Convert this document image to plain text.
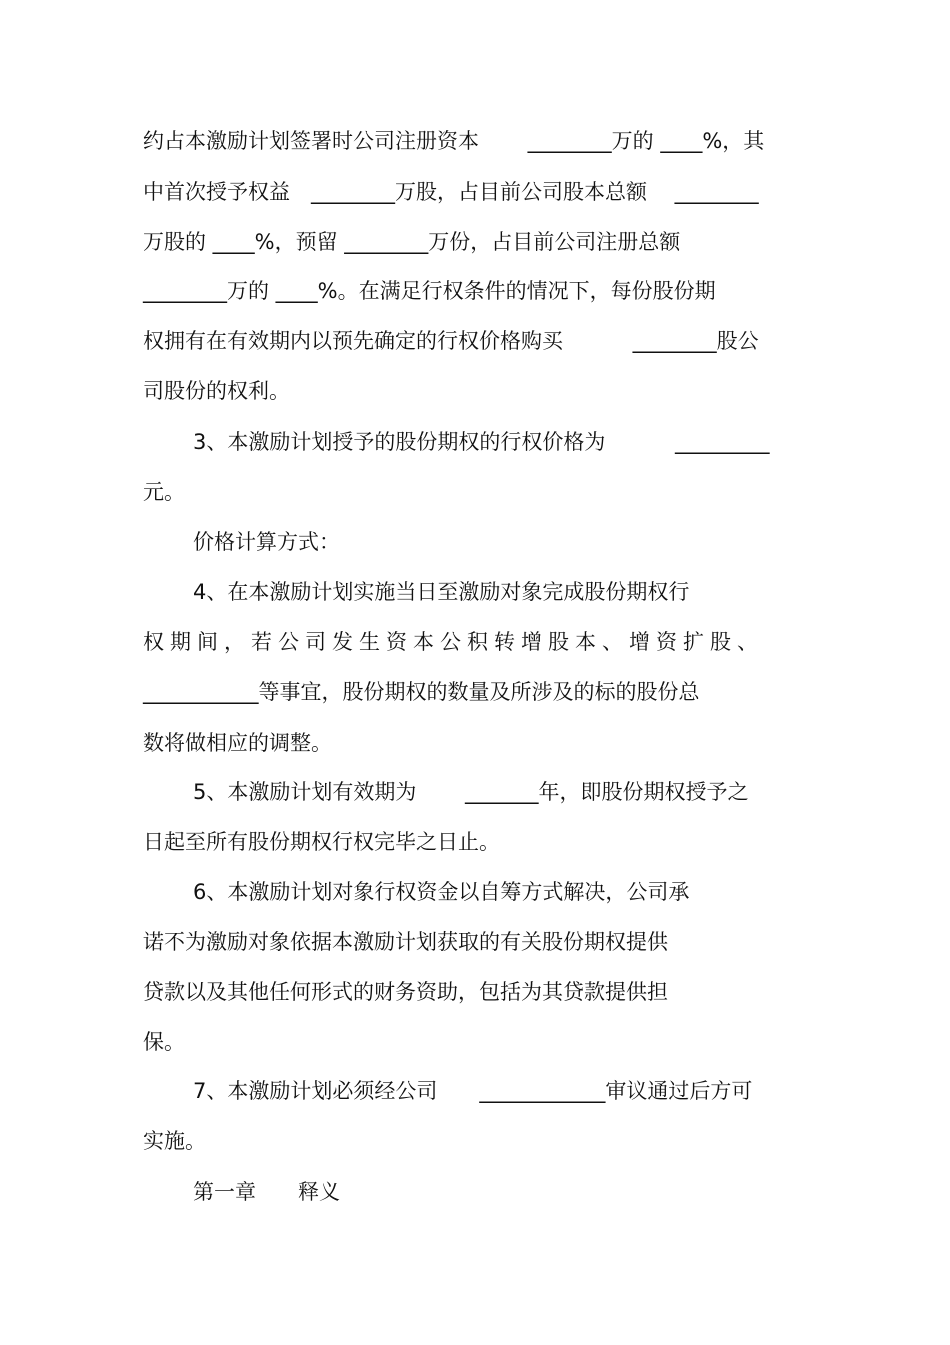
约占本激励计划签署时公司注册资本　　 ________万的 ____%，其
中首次授予权益　________万股，占目前公司股本总额　 ________
万股的 ____%，预留 ________万份，占目前公司注册总额
________万的 ____%。在满足行权条件的情况下，每份股份期
权拥有在有效期内以预先确定的行权价格购买　　　 ________股公
司股份的权利。
3、本激励计划授予的股份期权的行权价格为　　　 _________
元。
价格计算方式：
4、在本激励计划实施当日至激励对象完成股份期权行
权期间，若公司发生资本公积转增股本、增资扩股、
___________等事宜，股份期权的数量及所涉及的标的股份总
数将做相应的调整。
5、本激励计划有效期为　　 _______年，即股份期权授予之
日起至所有股份期权行权完毕之日止。
6、本激励计划对象行权资金以自筹方式解决，公司承
诺不为激励对象依据本激励计划获取的有关股份期权提供
贷款以及其他任何形式的财务资助，包括为其贷款提供担
保。
7、本激励计划必须经公司　　____________审议通过后方可
实施。
第一章　　释义
